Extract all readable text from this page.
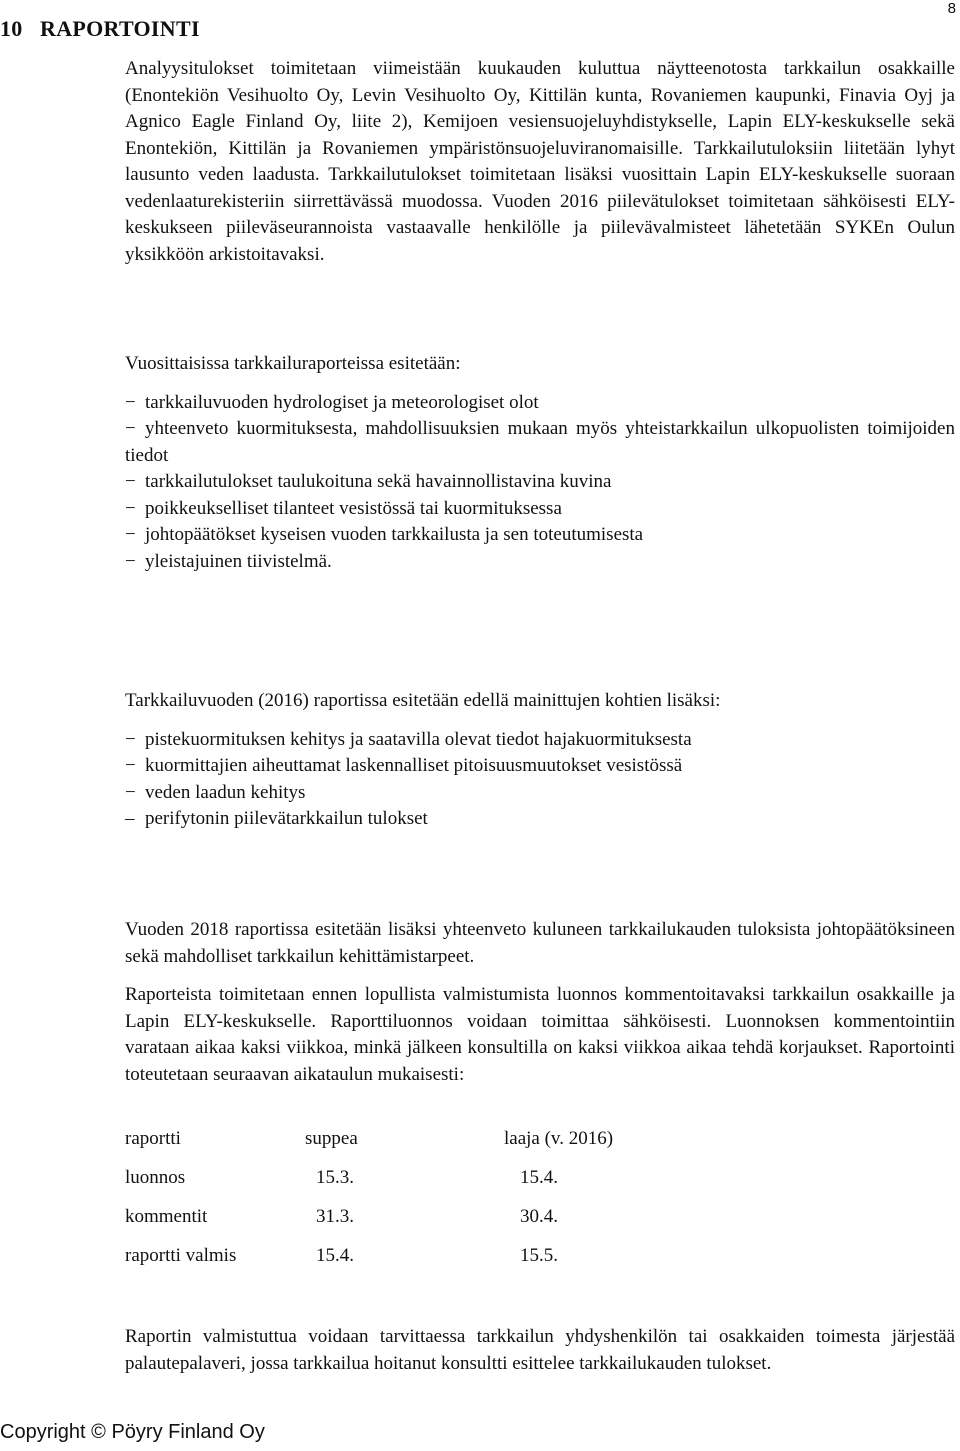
8
10 RAPORTOINTI

Analyysitulokset toimitetaan viimeistään kuukauden kuluttua näytteenotosta tarkkailun osakkaille (Enontekiön Vesihuolto Oy, Levin Vesihuolto Oy, Kittilän kunta, Rovaniemen kaupunki, Finavia Oyj ja Agnico Eagle Finland Oy, liite 2), Kemijoen vesiensuojeluyhdistykselle, Lapin ELY-keskukselle sekä Enontekiön, Kittilän ja Rovaniemen ympäristönsuojeluviranomaisille. Tarkkailutuloksiin liitetään lyhyt lausunto veden laadusta. Tarkkailutulokset toimitetaan lisäksi vuosittain Lapin ELY-keskukselle suoraan vedenlaaturekisteriin siirrettävässä muodossa. Vuoden 2016 piilevätulokset toimitetaan sähköisesti ELY-keskukseen piileväseurannoista vastaavalle henkilölle ja piilevävalmisteet lähetetään SYKEn Oulun yksikköön arkistoitavaksi.

Vuosittaisissa tarkkailuraporteissa esitetään:

− tarkkailuvuoden hydrologiset ja meteorologiset olot
− yhteenveto kuormituksesta, mahdollisuuksien mukaan myös yhteistarkkailun ulkopuolisten toimijoiden tiedot
− tarkkailutulokset taulukoituna sekä havainnollistavina kuvina
− poikkeukselliset tilanteet vesistössä tai kuormituksessa
− johtopäätökset kyseisen vuoden tarkkailusta ja sen toteutumisesta
− yleistajuinen tiivistelmä.

Tarkkailuvuoden (2016) raportissa esitetään edellä mainittujen kohtien lisäksi:

− pistekuormituksen kehitys ja saatavilla olevat tiedot hajakuormituksesta
− kuormittajien aiheuttamat laskennalliset pitoisuusmuutokset vesistössä
− veden laadun kehitys
– perifytonin piilevätarkkailun tulokset

Vuoden 2018 raportissa esitetään lisäksi yhteenveto kuluneen tarkkailukauden tuloksista johtopäätöksineen sekä mahdolliset tarkkailun kehittämistarpeet.

Raporteista toimitetaan ennen lopullista valmistumista luonnos kommentoitavaksi tarkkailun osakkaille ja Lapin ELY-keskukselle. Raporttiluonnos voidaan toimittaa sähköisesti. Luonnoksen kommentointiin varataan aikaa kaksi viikkoa, minkä jälkeen konsultilla on kaksi viikkoa aikaa tehdä korjaukset. Raportointi toteutetaan seuraavan aikataulun mukaisesti:

raportti	suppea	laaja (v. 2016)
luonnos	15.3.	15.4.
kommentit	31.3.	30.4.
raportti valmis	15.4.	15.5.

Raportin valmistuttua voidaan tarvittaessa tarkkailun yhdyshenkilön tai osakkaiden toimesta järjestää palautepalaveri, jossa tarkkailua hoitanut konsultti esittelee tarkkailukauden tulokset.

Copyright © Pöyry Finland Oy
